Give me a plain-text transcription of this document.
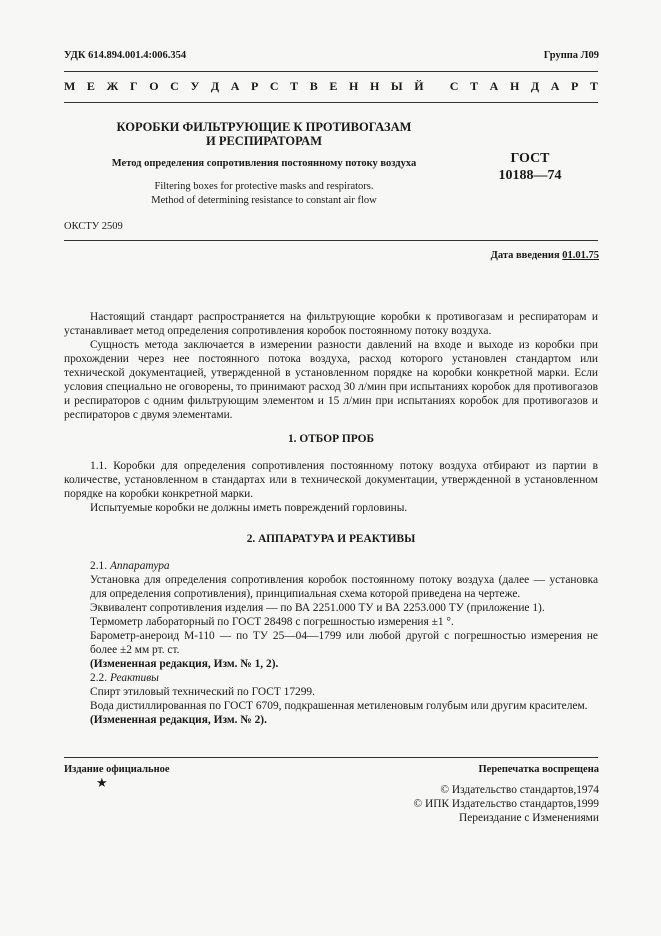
УДК 614.894.001.4:006.354	Группа Л09
М Е Ж Г О С У Д А Р С Т В Е Н Н Ы Й
С Т А Н Д А Р Т
КОРОБКИ ФИЛЬТРУЮЩИЕ К ПРОТИВОГАЗАМ
И РЕСПИРАТОРАМ
Метод определения сопротивления постоянному потоку воздуха	ГОСТ
10188—74
Filtering boxes for protective masks and respirators.
Method of determining resistance to constant air flow
ОКСТУ 2509
Дата введения 01.01.75

Настоящий стандарт распространяется на фильтрующие коробки к противогазам и респираторам и устанавливает метод определения сопротивления коробок постоянному потоку воздуха.

Сущность метода заключается в измерении разности давлений на входе и выходе из коробки при прохождении через нее постоянного потока воздуха, расход которого установлен стандартом или технической документацией, утвержденной в установленном порядке на коробки конкретной марки. Если условия специально не оговорены, то принимают расход 30 л/мин при испытаниях коробок для противогазов и респираторов с одним фильтрующим элементом и 15 л/мин при испытаниях коробок для противогазов и респираторов с двумя элементами.

1. ОТБОР ПРОБ

1.1. Коробки для определения сопротивления постоянному потоку воздуха отбирают из партии в количестве, установленном в стандартах или в технической документации, утвержденной в установленном порядке на коробки конкретной марки.

Испытуемые коробки не должны иметь повреждений горловины.

2. АППАРАТУРА И РЕАКТИВЫ

2.1. Аппаратура

Установка для определения сопротивления коробок постоянному потоку воздуха (далее — установка для определения сопротивления), принципиальная схема которой приведена на чертеже.

Эквивалент сопротивления изделия — по ВА 2251.000 ТУ и ВА 2253.000 ТУ (приложение 1).

Термометр лабораторный по ГОСТ 28498 с погрешностью измерения ±1 °.

Барометр-анероид М-110 — по ТУ 25—04—1799 или любой другой с погрешностью измерения не более ±2 мм рт. ст.

(Измененная редакция, Изм. № 1, 2).

2.2. Реактивы

Спирт этиловый технический по ГОСТ 17299.

Вода дистиллированная по ГОСТ 6709, подкрашенная метиленовым голубым или другим красителем.

(Измененная редакция, Изм. № 2).

Издание официальное	Перепечатка воспрещена
★	© Издательство стандартов,1974
© ИПК Издательство стандартов,1999
Переиздание с Изменениями
